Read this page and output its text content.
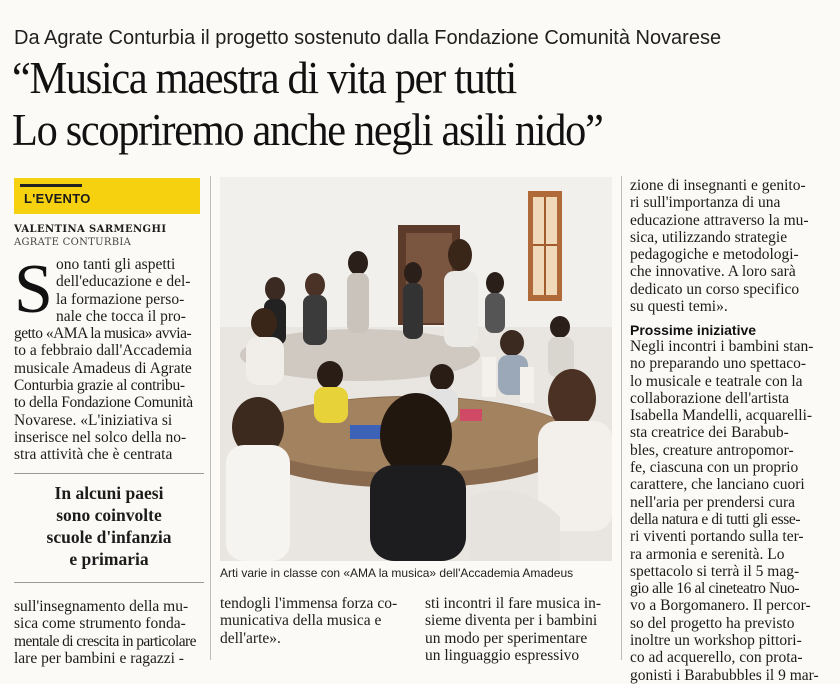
Da Agrate Conturbia il progetto sostenuto dalla Fondazione Comunità Novarese
“Musica maestra di vita per tutti
Lo scopriremo anche negli asili nido”
L'EVENTO
VALENTINA SARMENGHI
AGRATE CONTURBIA
S ono tanti gli aspetti
dell'educazione e del-
la formazione perso-
nale che tocca il pro-
getto «AMA la musica» avvia-
to a febbraio dall'Accademia
musicale Amadeus di Agrate
Conturbia grazie al contribu-
to della Fondazione Comunità
Novarese. «L'iniziativa si
inserisce nel solco della no-
stra attività che è centrata
In alcuni paesi
sono coinvolte
scuole d'infanzia
e primaria
sull'insegnamento della mu-
sica come strumento fonda-
mentale di crescita in particolare
lare per bambini e ragazzi -
Arti varie in classe con «AMA la musica» dell'Accademia Amadeus
tendogli l'immensa forza co-
municativa della musica e
dell'arte».
sti incontri il fare musica in-
sieme diventa per i bambini
un modo per sperimentare
un linguaggio espressivo
zione di insegnanti e genito-
ri sull'importanza di una
educazione attraverso la mu-
sica, utilizzando strategie
pedagogiche e metodologi-
che innovative. A loro sarà
dedicato un corso specifico
su questi temi».
Prossime iniziative
Negli incontri i bambini stan-
no preparando uno spettaco-
lo musicale e teatrale con la
collaborazione dell'artista
Isabella Mandelli, acquarelli-
sta creatrice dei Barabub-
bles, creature antropomor-
fe, ciascuna con un proprio
carattere, che lanciano cuori
nell'aria per prendersi cura
della natura e di tutti gli esse-
ri viventi portando sulla ter-
ra armonia e serenità. Lo
spettacolo si terrà il 5 mag-
gio alle 16 al cineteatro Nuo-
vo a Borgomanero. Il percor-
so del progetto ha previsto
inoltre un workshop pittori-
co ad acquerello, con prota-
gonisti i Barabubbles il 9 mar-
